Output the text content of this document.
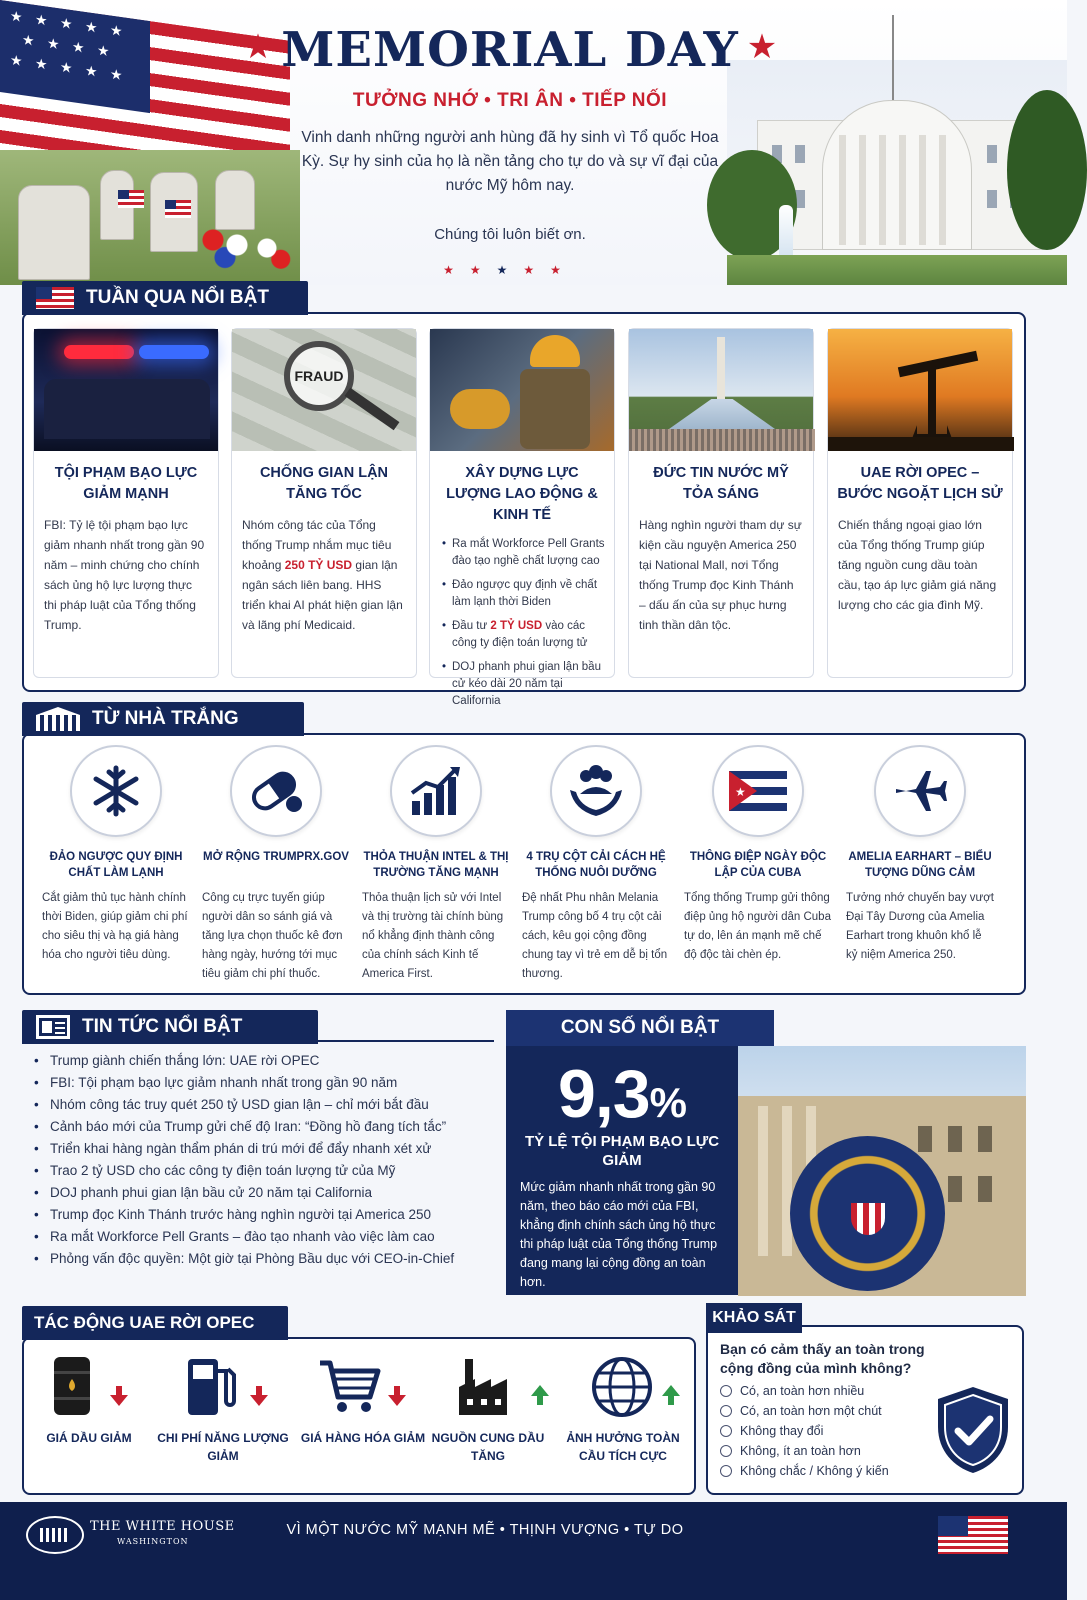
★ ★ ★ ★ ★
★ ★ ★ ★
★ ★ ★ ★ ★
★ MEMORIAL DAY ★
TƯỞNG NHỚ • TRI ÂN • TIẾP NỐI
Vinh danh những người anh hùng đã hy sinh vì Tổ quốc Hoa Kỳ. Sự hy sinh của họ là nền tảng cho tự do và sự vĩ đại của nước Mỹ hôm nay.
Chúng tôi luôn biết ơn.
★★★★★
TUẦN QUA NỔI BẬT
TỘI PHẠM BẠO LỰC GIẢM MẠNH

FBI: Tỷ lệ tội phạm bạo lực giảm nhanh nhất trong gần 90 năm – minh chứng cho chính sách ủng hộ lực lượng thực thi pháp luật của Tổng thống Trump.

FRAUD
CHỐNG GIAN LẬN TĂNG TỐC

Nhóm công tác của Tổng thống Trump nhắm mục tiêu khoảng 250 TỶ USD gian lận ngân sách liên bang. HHS triển khai AI phát hiện gian lận và lãng phí Medicaid.

XÂY DỰNG LỰC LƯỢNG LAO ĐỘNG & KINH TẾ
• Ra mắt Workforce Pell Grants đào tạo nghề chất lượng cao
• Đảo ngược quy định về chất làm lạnh thời Biden
• Đầu tư 2 TỶ USD vào các công ty điện toán lượng tử
• DOJ phanh phui gian lận bầu cử kéo dài 20 năm tại California
ĐỨC TIN NƯỚC MỸ TỎA SÁNG

Hàng nghìn người tham dự sự kiện cầu nguyện America 250 tại National Mall, nơi Tổng thống Trump đọc Kinh Thánh – dấu ấn của sự phục hưng tinh thần dân tộc.

UAE RỜI OPEC – BƯỚC NGOẶT LỊCH SỬ

Chiến thắng ngoại giao lớn của Tổng thống Trump giúp tăng nguồn cung dầu toàn cầu, tạo áp lực giảm giá năng lượng cho các gia đình Mỹ.

TỪ NHÀ TRẮNG
ĐẢO NGƯỢC QUY ĐỊNH CHẤT LÀM LẠNH

Cắt giảm thủ tục hành chính thời Biden, giúp giảm chi phí cho siêu thị và hạ giá hàng hóa cho người tiêu dùng.

MỞ RỘNG TRUMPRX.GOV

Công cụ trực tuyến giúp người dân so sánh giá và tăng lựa chọn thuốc kê đơn hàng ngày, hướng tới mục tiêu giảm chi phí thuốc.

THỎA THUẬN INTEL & THỊ TRƯỜNG TĂNG MẠNH

Thỏa thuận lịch sử với Intel và thị trường tài chính bùng nổ khẳng định thành công của chính sách Kinh tế America First.

4 TRỤ CỘT CẢI CÁCH HỆ THỐNG NUÔI DƯỠNG

Đệ nhất Phu nhân Melania Trump công bố 4 trụ cột cải cách, kêu gọi cộng đồng chung tay vì trẻ em dễ bị tổn thương.

★
THÔNG ĐIỆP NGÀY ĐỘC LẬP CỦA CUBA

Tổng thống Trump gửi thông điệp ủng hộ người dân Cuba tự do, lên án mạnh mẽ chế độ độc tài chèn ép.

AMELIA EARHART – BIỂU TƯỢNG DŨNG CẢM

Tưởng nhớ chuyến bay vượt Đại Tây Dương của Amelia Earhart trong khuôn khổ lễ kỷ niệm America 250.

TIN TỨC NỔI BẬT
• Trump giành chiến thắng lớn: UAE rời OPEC
• FBI: Tội phạm bạo lực giảm nhanh nhất trong gần 90 năm
• Nhóm công tác truy quét 250 tỷ USD gian lận – chỉ mới bắt đầu
• Cảnh báo mới của Trump gửi chế độ Iran: “Đồng hồ đang tích tắc”
• Triển khai hàng ngàn thẩm phán di trú mới để đẩy nhanh xét xử
• Trao 2 tỷ USD cho các công ty điện toán lượng tử của Mỹ
• DOJ phanh phui gian lận bầu cử 20 năm tại California
• Trump đọc Kinh Thánh trước hàng nghìn người tại America 250
• Ra mắt Workforce Pell Grants – đào tạo nhanh vào việc làm cao
• Phỏng vấn độc quyền: Một giờ tại Phòng Bầu dục với CEO-in-Chief
9,3%
TỶ LỆ TỘI PHẠM BẠO LỰC GIẢM
Mức giảm nhanh nhất trong gần 90 năm, theo báo cáo mới của FBI, khẳng định chính sách ủng hộ thực thi pháp luật của Tổng thống Trump đang mang lại cộng đồng an toàn hơn.
CON SỐ NỔI BẬT
TÁC ĐỘNG UAE RỜI OPEC
GIÁ DẦU GIẢM	CHI PHÍ NĂNG LƯỢNG GIẢM
GIÁ HÀNG HÓA GIẢM NGUỒN CUNG DẦU TĂNG
ẢNH HƯỞNG TOÀN CẦU TÍCH CỰC
KHẢO SÁT
Bạn có cảm thấy an toàn trong cộng đồng của mình không?
Có, an toàn hơn nhiều
Có, an toàn hơn một chút
Không thay đổi
Không, ít an toàn hơn
Không chắc / Không ý kiến
THE WHITE HOUSE
WASHINGTON
VÌ MỘT NƯỚC MỸ MẠNH MẼ • THỊNH VƯỢNG • TỰ DO
